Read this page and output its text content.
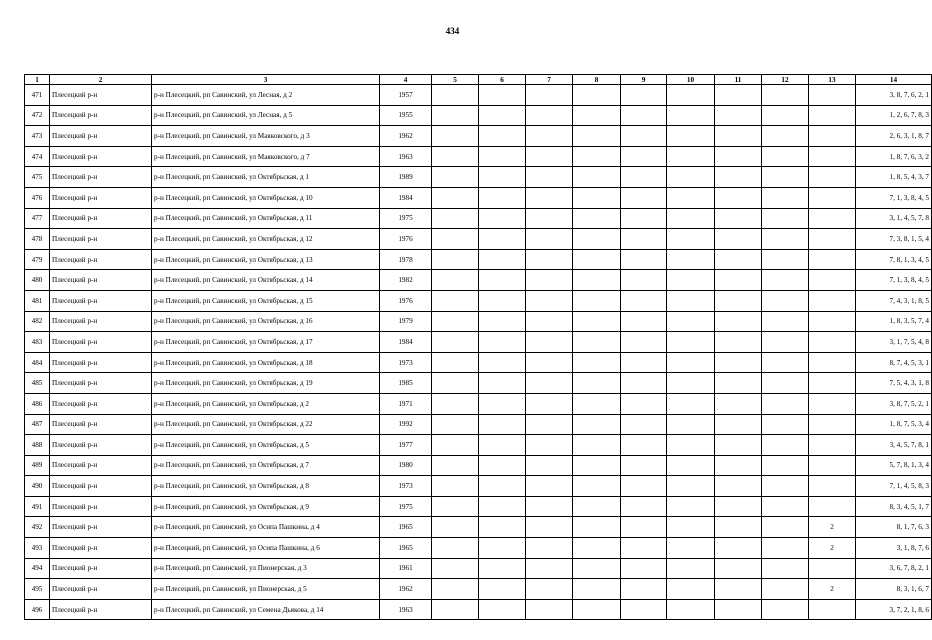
434
1	2	3	4	5	6	7	8	9	10	11	12	13	14
471	Плесецкий р-н	р-н Плесецкий, рп Савинский, ул Лесная, д 2	1957										3, 8, 7, 6, 2, 1
472	Плесецкий р-н	р-н Плесецкий, рп Савинский, ул Лесная, д 5	1955										1, 2, 6, 7, 8, 3
473	Плесецкий р-н	р-н Плесецкий, рп Савинский, ул Маяковского, д 3	1962										2, 6, 3, 1, 8, 7
474	Плесецкий р-н	р-н Плесецкий, рп Савинский, ул Маяковского, д 7	1963										1, 8, 7, 6, 3, 2
475	Плесецкий р-н	р-н Плесецкий, рп Савинский, ул Октябрьская, д 1	1989										1, 8, 5, 4, 3, 7
476	Плесецкий р-н	р-н Плесецкий, рп Савинский, ул Октябрьская, д 10	1984										7, 1, 3, 8, 4, 5
477	Плесецкий р-н	р-н Плесецкий, рп Савинский, ул Октябрьская, д 11	1975										3, 1, 4, 5, 7, 8
478	Плесецкий р-н	р-н Плесецкий, рп Савинский, ул Октябрьская, д 12	1976										7, 3, 8, 1, 5, 4
479	Плесецкий р-н	р-н Плесецкий, рп Савинский, ул Октябрьская, д 13	1978										7, 8, 1, 3, 4, 5
480	Плесецкий р-н	р-н Плесецкий, рп Савинский, ул Октябрьская, д 14	1982										7, 1, 3, 8, 4, 5
481	Плесецкий р-н	р-н Плесецкий, рп Савинский, ул Октябрьская, д 15	1976										7, 4, 3, 1, 8, 5
482	Плесецкий р-н	р-н Плесецкий, рп Савинский, ул Октябрьская, д 16	1979										1, 8, 3, 5, 7, 4
483	Плесецкий р-н	р-н Плесецкий, рп Савинский, ул Октябрьская, д 17	1984										3, 1, 7, 5, 4, 8
484	Плесецкий р-н	р-н Плесецкий, рп Савинский, ул Октябрьская, д 18	1973										8, 7, 4, 5, 3, 1
485	Плесецкий р-н	р-н Плесецкий, рп Савинский, ул Октябрьская, д 19	1985										7, 5, 4, 3, 1, 8
486	Плесецкий р-н	р-н Плесецкий, рп Савинский, ул Октябрьская, д 2	1971										3, 8, 7, 5, 2, 1
487	Плесецкий р-н	р-н Плесецкий, рп Савинский, ул Октябрьская, д 22	1992										1, 8, 7, 5, 3, 4
488	Плесецкий р-н	р-н Плесецкий, рп Савинский, ул Октябрьская, д 5	1977										3, 4, 5, 7, 8, 1
489	Плесецкий р-н	р-н Плесецкий, рп Савинский, ул Октябрьская, д 7	1980										5, 7, 8, 1, 3, 4
490	Плесецкий р-н	р-н Плесецкий, рп Савинский, ул Октябрьская, д 8	1973										7, 1, 4, 5, 8, 3
491	Плесецкий р-н	р-н Плесецкий, рп Савинский, ул Октябрьская, д 9	1975										8, 3, 4, 5, 1, 7
492	Плесецкий р-н	р-н Плесецкий, рп Савинский, ул Осипа Пашкина, д 4	1965									2	8, 1, 7, 6, 3
493	Плесецкий р-н	р-н Плесецкий, рп Савинский, ул Осипа Пашкина, д 6	1965									2	3, 1, 8, 7, 6
494	Плесецкий р-н	р-н Плесецкий, рп Савинский, ул Пионерская, д 3	1961										3, 6, 7, 8, 2, 1
495	Плесецкий р-н	р-н Плесецкий, рп Савинский, ул Пионерская, д 5	1962									2	8, 3, 1, 6, 7
496	Плесецкий р-н	р-н Плесецкий, рп Савинский, ул Семена Дьякова, д 14	1963										3, 7, 2, 1, 8, 6
